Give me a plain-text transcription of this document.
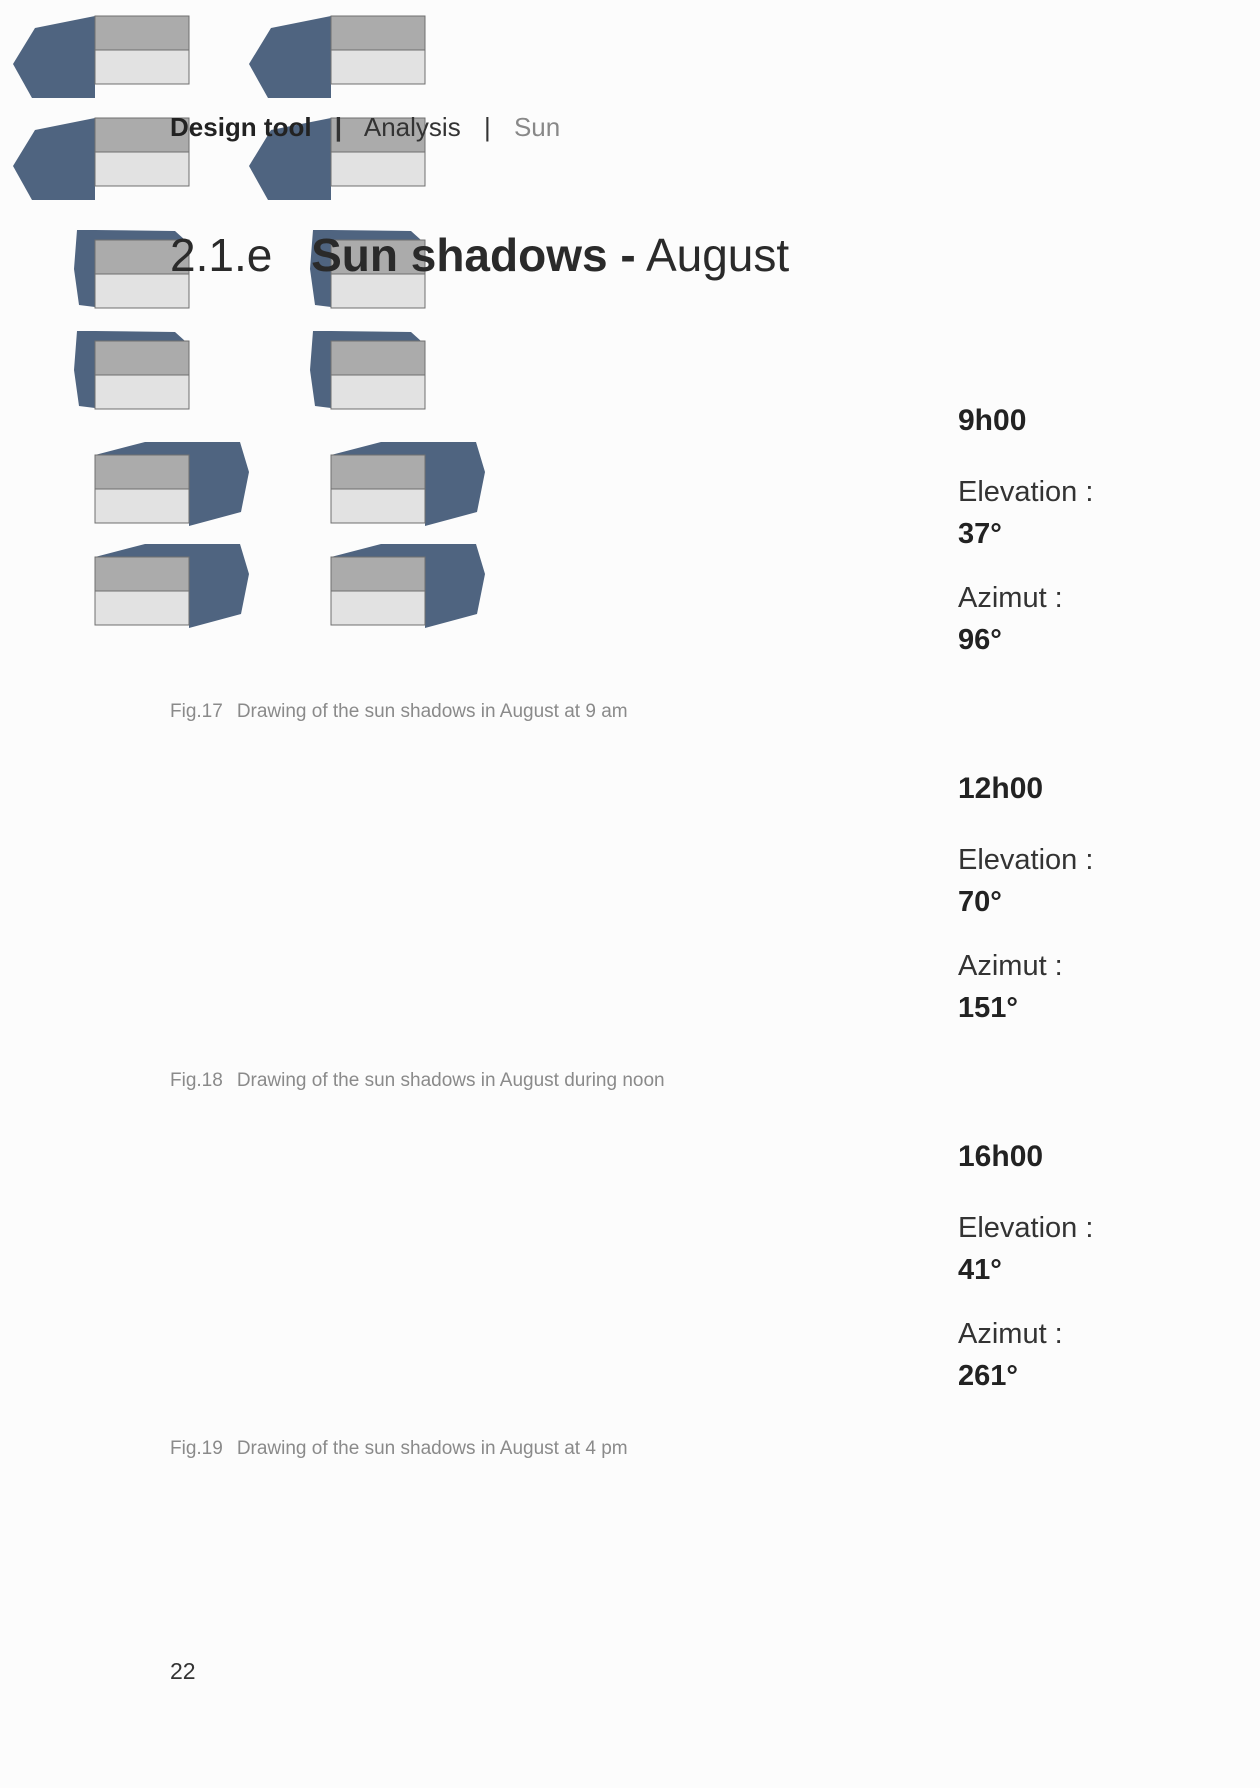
Design tool | Analysis | Sun
2.1.e Sun shadows - August
Fig.17 Drawing of the sun shadows in August at 9 am
9h00
Elevation :
37°
Azimut :
96°
Fig.18 Drawing of the sun shadows in August during noon
12h00
Elevation :
70°
Azimut :
151°
Fig.19 Drawing of the sun shadows in August at 4 pm
16h00
Elevation :
41°
Azimut :
261°
22
